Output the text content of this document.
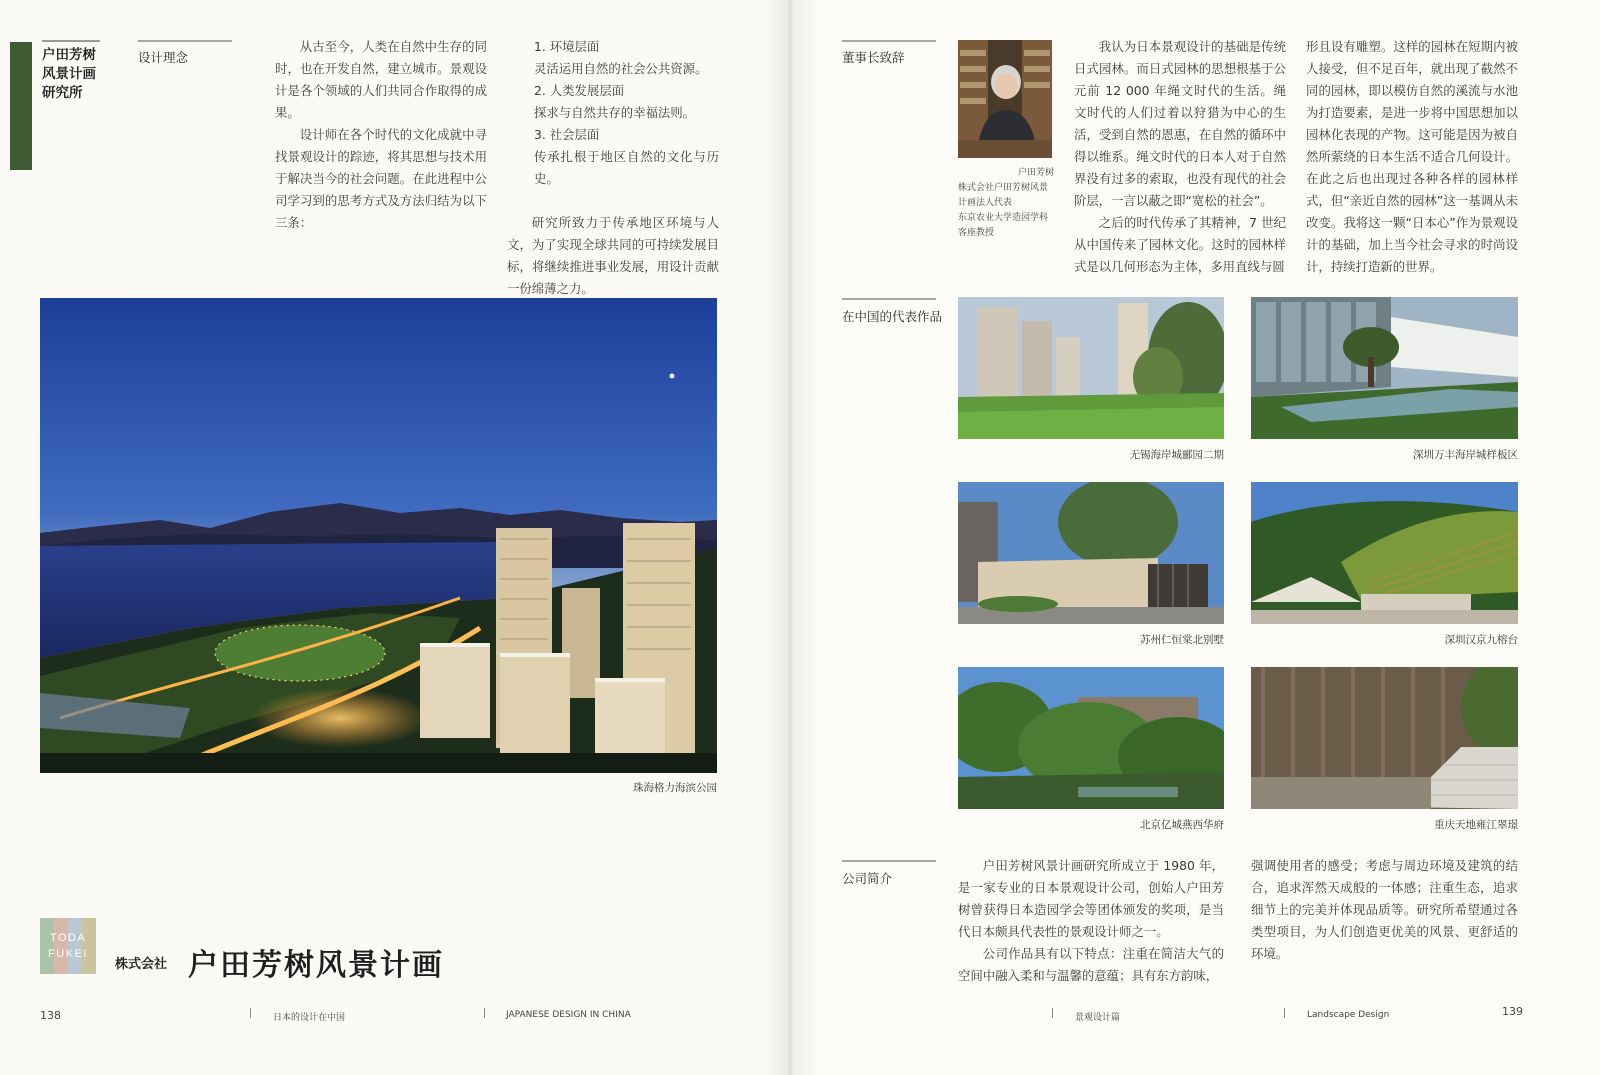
户田芳树
风景计画
研究所
设计理念

从古至今，人类在自然中生存的同时，也在开发自然，建立城市。景观设计是各个领域的人们共同合作取得的成果。

设计师在各个时代的文化成就中寻找景观设计的踪迹，将其思想与技术用于解决当今的社会问题。在此进程中公司学习到的思考方式及方法归结为以下三条：

1. 环境层面
灵活运用自然的社会公共资源。
2. 人类发展层面
探求与自然共存的幸福法则。
3. 社会层面
传承扎根于地区自然的文化与历史。

研究所致力于传承地区环境与人文，为了实现全球共同的可持续发展目标，将继续推进事业发展，用设计贡献一份绵薄之力。

珠海格力海滨公园
TODA
FUKEI
株式会社 户田芳树风景计画
138	日本的设计在中国	JAPANESE DESIGN IN CHINA
董事长致辞
户田芳树
株式会社户田芳树风景计画法人代表
东京农业大学造园学科客座教授

我认为日本景观设计的基础是传统日式园林。而日式园林的思想根基于公元前 12 000 年绳文时代的生活。绳文时代的人们过着以狩猎为中心的生活，受到自然的恩惠，在自然的循环中得以维系。绳文时代的日本人对于自然界没有过多的索取，也没有现代的社会阶层，一言以蔽之即“宽松的社会”。

之后的时代传承了其精神，7 世纪从中国传来了园林文化。这时的园林样式是以几何形态为主体，多用直线与圆

形且设有雕塑。这样的园林在短期内被人接受，但不足百年，就出现了截然不同的园林，即以模仿自然的溪流与水池为打造要素，是进一步将中国思想加以园林化表现的产物。这可能是因为被自然所萦绕的日本生活不适合几何设计。在此之后也出现过各种各样的园林样式，但“亲近自然的园林”这一基调从未改变。我将这一颗“日本心”作为景观设计的基础，加上当今社会寻求的时尚设计，持续打造新的世界。

在中国的代表作品
无锡海岸城郦园二期	深圳万丰海岸城样板区
苏州仁恒棠北别墅	深圳汉京九榕台
北京亿城燕西华府	重庆天地雍江翠璟
公司简介

户田芳树风景计画研究所成立于 1980 年，是一家专业的日本景观设计公司，创始人户田芳树曾获得日本造园学会等团体颁发的奖项，是当代日本颇具代表性的景观设计师之一。

公司作品具有以下特点：注重在简洁大气的空间中融入柔和与温馨的意蕴；具有东方韵味，

强调使用者的感受；考虑与周边环境及建筑的结合，追求浑然天成般的一体感；注重生态，追求细节上的完美并体现品质等。研究所希望通过各类型项目，为人们创造更优美的风景、更舒适的环境。

景观设计篇	Landscape Design	139
